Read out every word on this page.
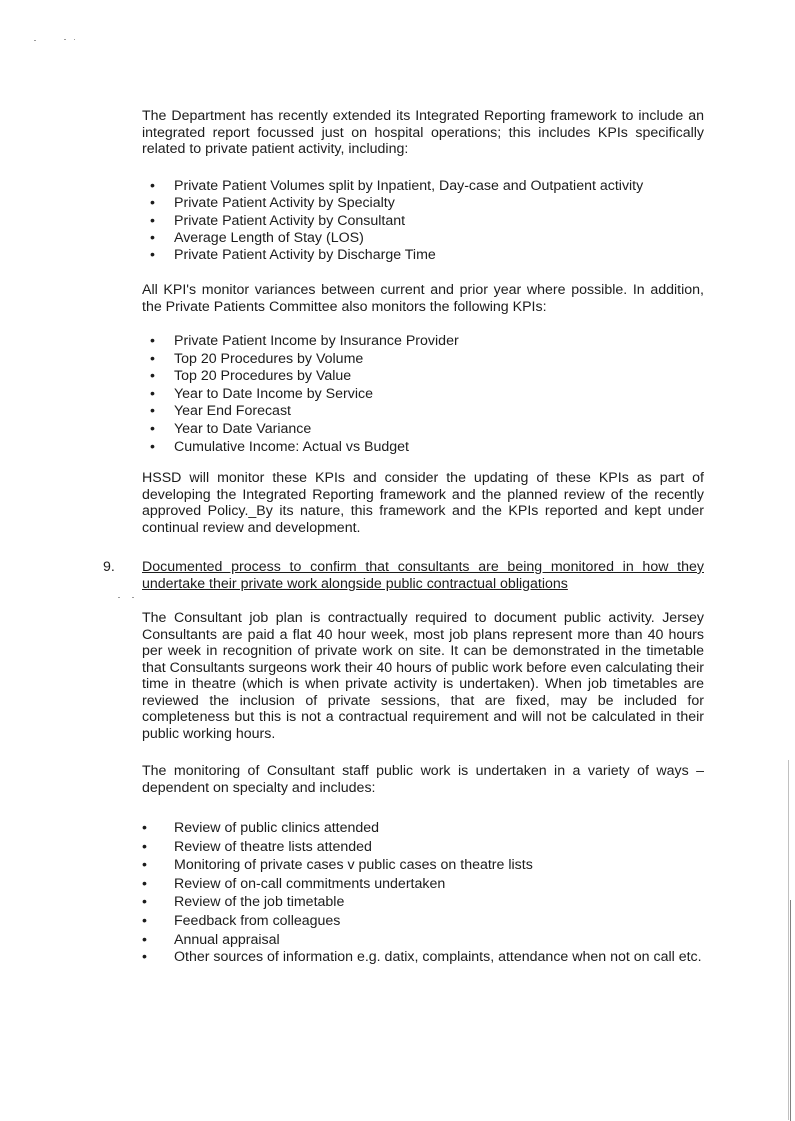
The Department has recently extended its Integrated Reporting framework to include an integrated report focussed just on hospital operations; this includes KPIs specifically related to private patient activity, including:

• Private Patient Volumes split by Inpatient, Day-case and Outpatient activity
• Private Patient Activity by Specialty
• Private Patient Activity by Consultant
• Average Length of Stay (LOS)
• Private Patient Activity by Discharge Time

All KPI's monitor variances between current and prior year where possible. In addition, the Private Patients Committee also monitors the following KPIs:

• Private Patient Income by Insurance Provider
• Top 20 Procedures by Volume
• Top 20 Procedures by Value
• Year to Date Income by Service
• Year End Forecast
• Year to Date Variance
• Cumulative Income: Actual vs Budget

HSSD will monitor these KPIs and consider the updating of these KPIs as part of developing the Integrated Reporting framework and the planned review of the recently approved Policy._By its nature, this framework and the KPIs reported and kept under continual review and development.

9. Documented process to confirm that consultants are being monitored in how they undertake their private work alongside public contractual obligations

The Consultant job plan is contractually required to document public activity. Jersey Consultants are paid a flat 40 hour week, most job plans represent more than 40 hours per week in recognition of private work on site. It can be demonstrated in the timetable that Consultants surgeons work their 40 hours of public work before even calculating their time in theatre (which is when private activity is undertaken). When job timetables are reviewed the inclusion of private sessions, that are fixed, may be included for completeness but this is not a contractual requirement and will not be calculated in their public working hours.

The monitoring of Consultant staff public work is undertaken in a variety of ways – dependent on specialty and includes:

• Review of public clinics attended
• Review of theatre lists attended
• Monitoring of private cases v public cases on theatre lists
• Review of on-call commitments undertaken
• Review of the job timetable
• Feedback from colleagues
• Annual appraisal
• Other sources of information e.g. datix, complaints, attendance when not on call etc.
